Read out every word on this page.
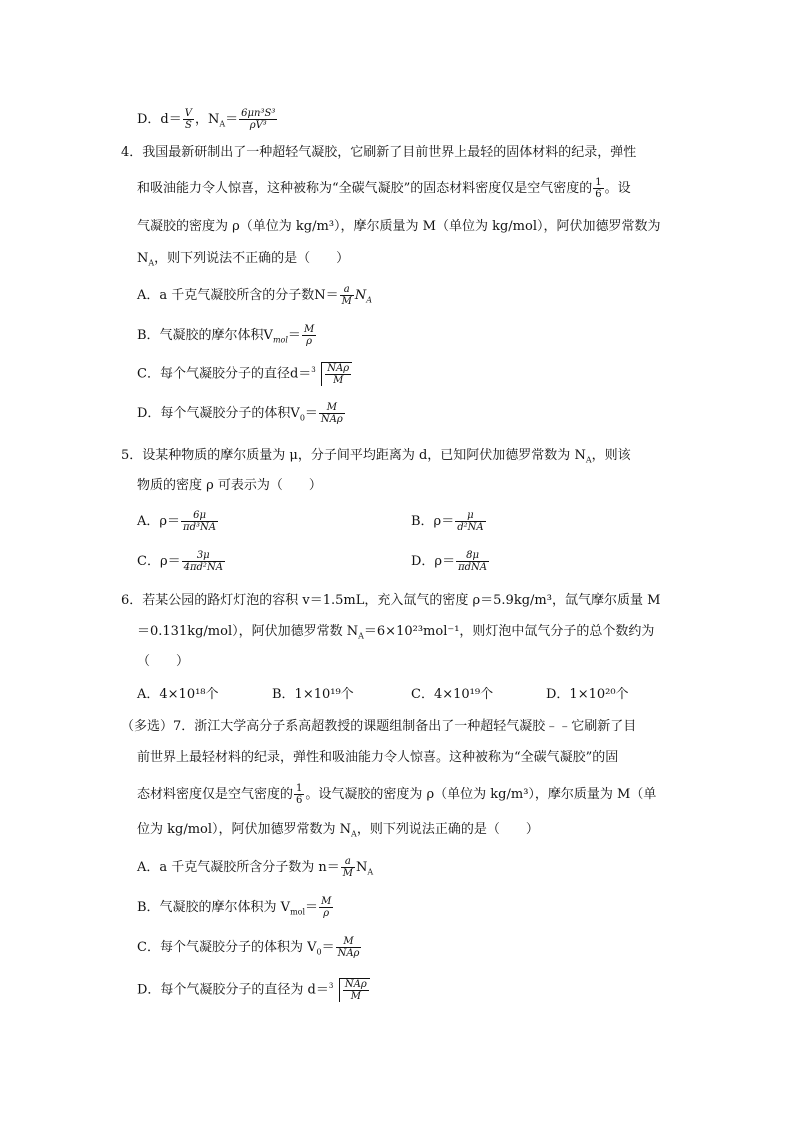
D．$d= \frac{V}{S}$ ，$N_A= \frac{\text{6μn³S³}}{\text{ρV³}}$
4．我国最新研制出了一种超轻气凝胶，它刷新了目前世界上最轻的固体材料的纪录，弹性
和吸油能力令人惊喜，这种被称为“全碳气凝胶”的固态材料密度仅是空气密度的 $\frac{1}{6}$ 。设
气凝胶的密度为 ρ（单位为 kg/m³），摩尔质量为 M（单位为 kg/mol），阿伏加德罗常数为
$N_A$，则下列说法不正确的是（　　）
A．a 千克气凝胶所含的分子数$N= \frac{a}{M} N_A$
B．气凝胶的摩尔体积$V_{mol}= \frac{M}{\rho}$
C．每个气凝胶分子的直径$d= 3 \frac{\text{NAρ}}{M}$
D．每个气凝胶分子的体积$V_0= \frac{M}{\text{NAρ}}$
5．设某种物质的摩尔质量为 μ，分子间平均距离为 d，已知阿伏加德罗常数为 $N_A$，则该
物质的密度 ρ 可表示为（　　）
A．$\rho= \frac{6\mu}{\text{πd³NA}}$	B．$\rho= \frac{\mu}{\text{d²NA}}$
C．$\rho= \frac{3\mu}{\text{4πd²NA}}$	D．$\rho= \frac{8\mu}{\text{πdNA}}$
6．若某公园的路灯灯泡的容积 v＝1.5mL，充入氙气的密度 ρ＝5.9kg/m³，氙气摩尔质量 M
＝0.131kg/mol），阿伏加德罗常数 $N_A=6\times 10^{23}mol^{-1}$，则灯泡中氙气分子的总个数约为
（　　）
A．4×10¹⁸个	B．1×10¹⁹个	C．4×10¹⁹个	D．1×10²⁰个
（多选）7．浙江大学高分子系高超教授的课题组制备出了一种超轻气凝胶﹣﹣它刷新了目
前世界上最轻材料的纪录，弹性和吸油能力令人惊喜。这种被称为“全碳气凝胶”的固
态材料密度仅是空气密度的 $\frac{1}{6}$ 。设气凝胶的密度为 ρ（单位为 kg/m³），摩尔质量为 M（单
位为 kg/mol），阿伏加德罗常数为 $N_A$，则下列说法正确的是（　　）
A．a 千克气凝胶所含分子数为 $n= \frac{a}{M} N_A$
B．气凝胶的摩尔体积为 $V_{mol}= \frac{M}{\rho}$
C．每个气凝胶分子的体积为 $V_0= \frac{M}{\text{NAρ}}$
D．每个气凝胶分子的直径为 $d= 3 \frac{\text{NAρ}}{M}$
